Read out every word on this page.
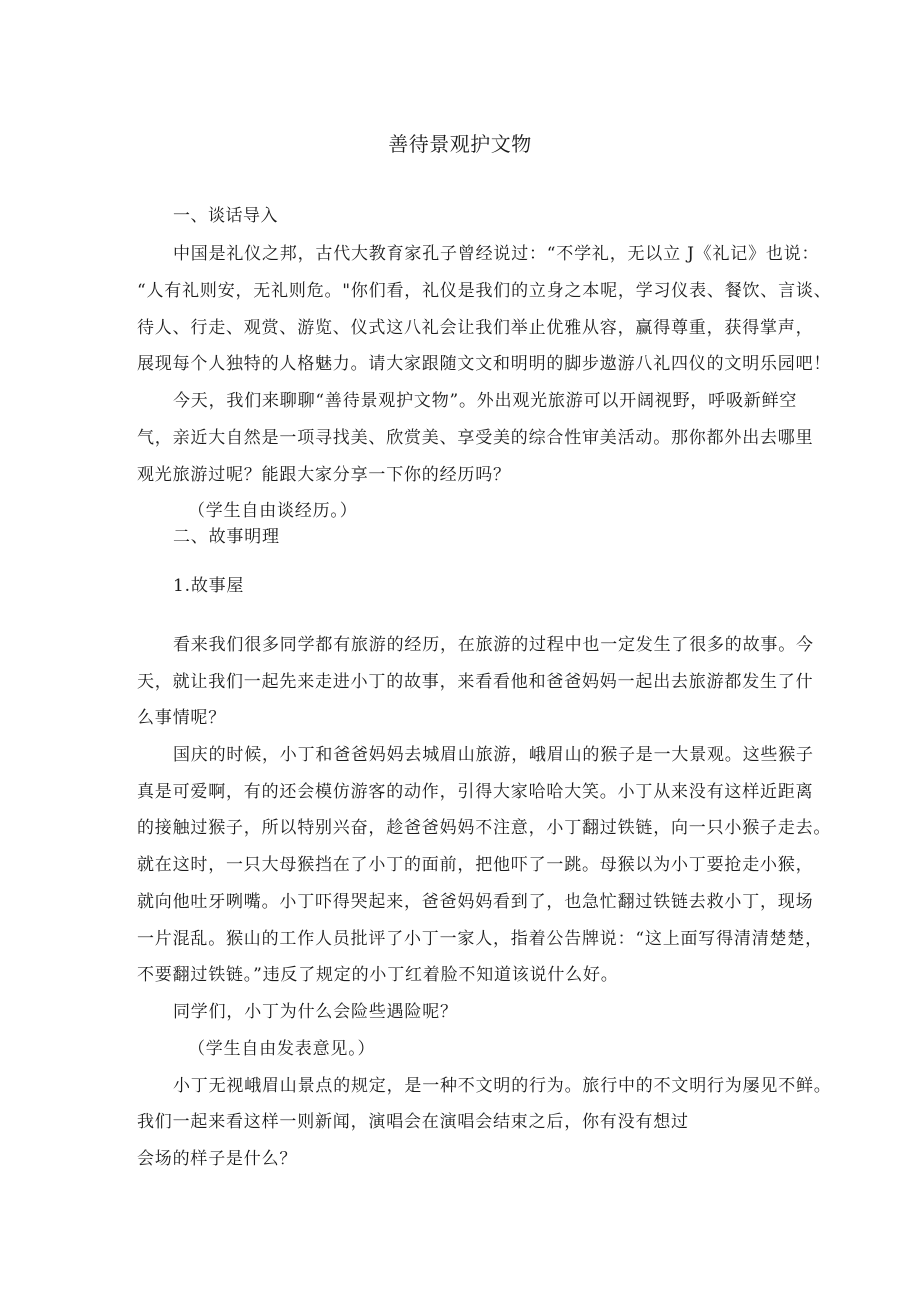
善待景观护文物

一、谈话导入

中国是礼仪之邦，古代大教育家孔子曾经说过：“不学礼，无以立 J《礼记》也说：

“人有礼则安，无礼则危。"你们看，礼仪是我们的立身之本呢，学习仪表、餐饮、言谈、

待人、行走、观赏、游览、仪式这八礼会让我们举止优雅从容，赢得尊重，获得掌声，

展现每个人独特的人格魅力。请大家跟随文文和明明的脚步遨游八礼四仪的文明乐园吧！

今天，我们来聊聊“善待景观护文物”。外出观光旅游可以开阔视野，呼吸新鲜空

气，亲近大自然是一项寻找美、欣赏美、享受美的综合性审美活动。那你都外出去哪里

观光旅游过呢？能跟大家分享一下你的经历吗？

（学生自由谈经历。）

二、故事明理

1.故事屋

看来我们很多同学都有旅游的经历，在旅游的过程中也一定发生了很多的故事。今

天，就让我们一起先来走进小丁的故事，来看看他和爸爸妈妈一起出去旅游都发生了什

么事情呢？

国庆的时候，小丁和爸爸妈妈去城眉山旅游，峨眉山的猴子是一大景观。这些猴子

真是可爱啊，有的还会模仿游客的动作，引得大家哈哈大笑。小丁从来没有这样近距离

的接触过猴子，所以特别兴奋，趁爸爸妈妈不注意，小丁翻过铁链，向一只小猴子走去。

就在这时，一只大母猴挡在了小丁的面前，把他吓了一跳。母猴以为小丁要抢走小猴，

就向他吐牙咧嘴。小丁吓得哭起来，爸爸妈妈看到了，也急忙翻过铁链去救小丁，现场

一片混乱。猴山的工作人员批评了小丁一家人，指着公告牌说：“这上面写得清清楚楚，

不要翻过铁链。”违反了规定的小丁红着脸不知道该说什么好。

同学们，小丁为什么会险些遇险呢？

（学生自由发表意见。）

小丁无视峨眉山景点的规定，是一种不文明的行为。旅行中的不文明行为屡见不鲜。

我们一起来看这样一则新闻，演唱会在演唱会结束之后，你有没有想过

会场的样子是什么？
